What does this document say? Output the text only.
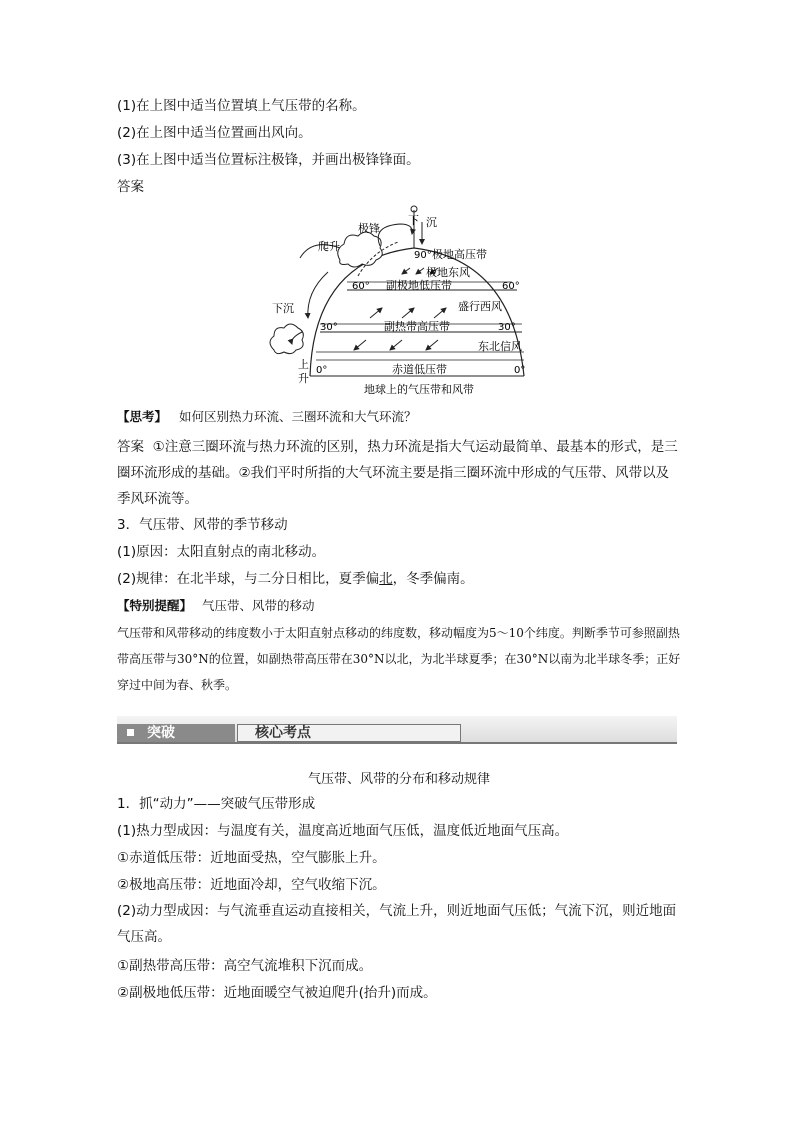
(1)在上图中适当位置填上气压带的名称。
(2)在上图中适当位置画出风向。
(3)在上图中适当位置标注极锋，并画出极锋锋面。
答案
极锋
下 沉
爬升
90° 极地高压带
极地东风
60°	60°
副极地低压带
盛行西风
下沉
30°	30°
副热带高压带
东北信风
上
升
0°	0°
赤道低压带
地球上的气压带和风带
【思考】 如何区别热力环流、三圈环流和大气环流？
答案 ①注意三圈环流与热力环流的区别，热力环流是指大气运动最简单、最基本的形式，是三圈环流形成的基础。②我们平时所指的大气环流主要是指三圈环流中形成的气压带、风带以及季风环流等。
3．气压带、风带的季节移动
(1)原因：太阳直射点的南北移动。
(2)规律：在北半球，与二分日相比，夏季偏北，冬季偏南。
【特别提醒】 气压带、风带的移动
气压带和风带移动的纬度数小于太阳直射点移动的纬度数，移动幅度为5～10个纬度。判断季节可参照副热带高压带与30°N的位置，如副热带高压带在30°N以北，为北半球夏季；在30°N以南为北半球冬季；正好穿过中间为春、秋季。
突破	核心考点
气压带、风带的分布和移动规律
1．抓“动力”——突破气压带形成
(1)热力型成因：与温度有关，温度高近地面气压低，温度低近地面气压高。
①赤道低压带：近地面受热，空气膨胀上升。
②极地高压带：近地面冷却，空气收缩下沉。
(2)动力型成因：与气流垂直运动直接相关，气流上升，则近地面气压低；气流下沉，则近地面气压高。
①副热带高压带：高空气流堆积下沉而成。
②副极地低压带：近地面暖空气被迫爬升(抬升)而成。
